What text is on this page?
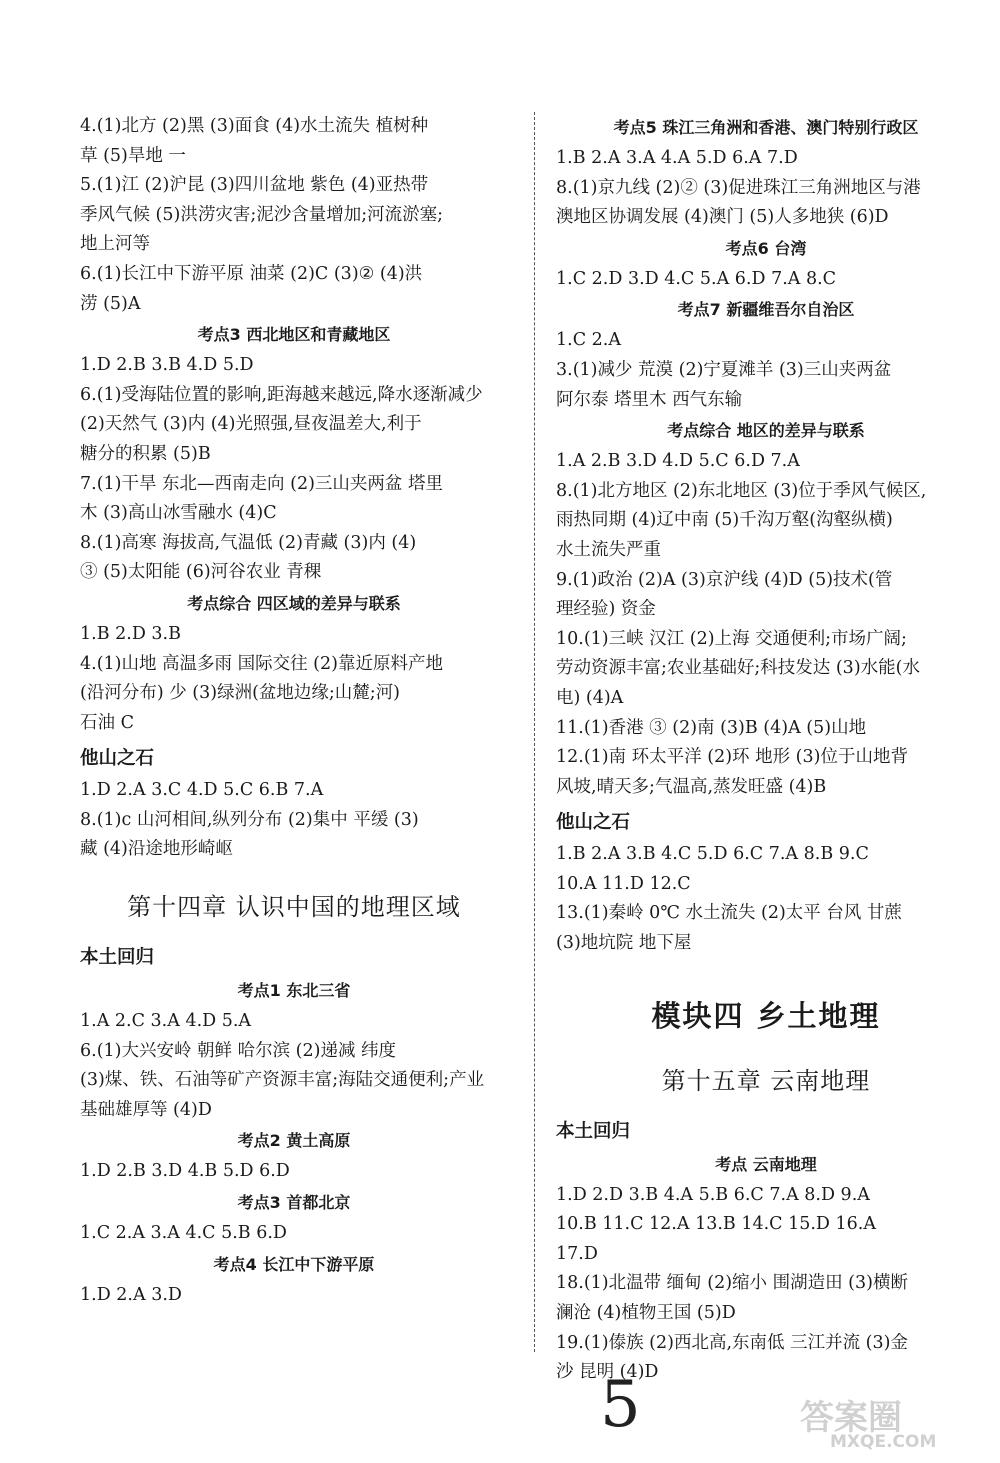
4.(1)北方 (2)黑 (3)面食 (4)水土流失 植树种
草 (5)旱地 一
5.(1)江 (2)沪昆 (3)四川盆地 紫色 (4)亚热带
季风气候 (5)洪涝灾害;泥沙含量增加;河流淤塞;
地上河等
6.(1)长江中下游平原 油菜 (2)C (3)② (4)洪
涝 (5)A
考点3 西北地区和青藏地区
1.D 2.B 3.B 4.D 5.D
6.(1)受海陆位置的影响,距海越来越远,降水逐渐减少
(2)天然气 (3)内 (4)光照强,昼夜温差大,利于
糖分的积累 (5)B
7.(1)干旱 东北—西南走向 (2)三山夹两盆 塔里
木 (3)高山冰雪融水 (4)C
8.(1)高寒 海拔高,气温低 (2)青藏 (3)内 (4)
③ (5)太阳能 (6)河谷农业 青稞
考点综合 四区域的差异与联系
1.B 2.D 3.B
4.(1)山地 高温多雨 国际交往 (2)靠近原料产地
(沿河分布) 少 (3)绿洲(盆地边缘;山麓;河)
石油 C
他山之石
1.D 2.A 3.C 4.D 5.C 6.B 7.A
8.(1)c 山河相间,纵列分布 (2)集中 平缓 (3)
藏 (4)沿途地形崎岖
第十四章 认识中国的地理区域
本土回归
考点1 东北三省
1.A 2.C 3.A 4.D 5.A
6.(1)大兴安岭 朝鲜 哈尔滨 (2)递减 纬度
(3)煤、铁、石油等矿产资源丰富;海陆交通便利;产业
基础雄厚等 (4)D
考点2 黄土高原
1.D 2.B 3.D 4.B 5.D 6.D
考点3 首都北京
1.C 2.A 3.A 4.C 5.B 6.D
考点4 长江中下游平原
1.D 2.A 3.D
考点5 珠江三角洲和香港、澳门特别行政区
1.B 2.A 3.A 4.A 5.D 6.A 7.D
8.(1)京九线 (2)② (3)促进珠江三角洲地区与港
澳地区协调发展 (4)澳门 (5)人多地狭 (6)D
考点6 台湾
1.C 2.D 3.D 4.C 5.A 6.D 7.A 8.C
考点7 新疆维吾尔自治区
1.C 2.A
3.(1)减少 荒漠 (2)宁夏滩羊 (3)三山夹两盆
阿尔泰 塔里木 西气东输
考点综合 地区的差异与联系
1.A 2.B 3.D 4.D 5.C 6.D 7.A
8.(1)北方地区 (2)东北地区 (3)位于季风气候区,
雨热同期 (4)辽中南 (5)千沟万壑(沟壑纵横)
水土流失严重
9.(1)政治 (2)A (3)京沪线 (4)D (5)技术(管
理经验) 资金
10.(1)三峡 汉江 (2)上海 交通便利;市场广阔;
劳动资源丰富;农业基础好;科技发达 (3)水能(水
电) (4)A
11.(1)香港 ③ (2)南 (3)B (4)A (5)山地
12.(1)南 环太平洋 (2)环 地形 (3)位于山地背
风坡,晴天多;气温高,蒸发旺盛 (4)B
他山之石
1.B 2.A 3.B 4.C 5.D 6.C 7.A 8.B 9.C
10.A 11.D 12.C
13.(1)秦岭 0℃ 水土流失 (2)太平 台风 甘蔗
(3)地坑院 地下屋
模块四 乡土地理
第十五章 云南地理
本土回归
考点 云南地理
1.D 2.D 3.B 4.A 5.B 6.C 7.A 8.D 9.A
10.B 11.C 12.A 13.B 14.C 15.D 16.A
17.D
18.(1)北温带 缅甸 (2)缩小 围湖造田 (3)横断
澜沧 (4)植物王国 (5)D
19.(1)傣族 (2)西北高,东南低 三江并流 (3)金
沙 昆明 (4)D
5	答案圈
MXQE.COM
